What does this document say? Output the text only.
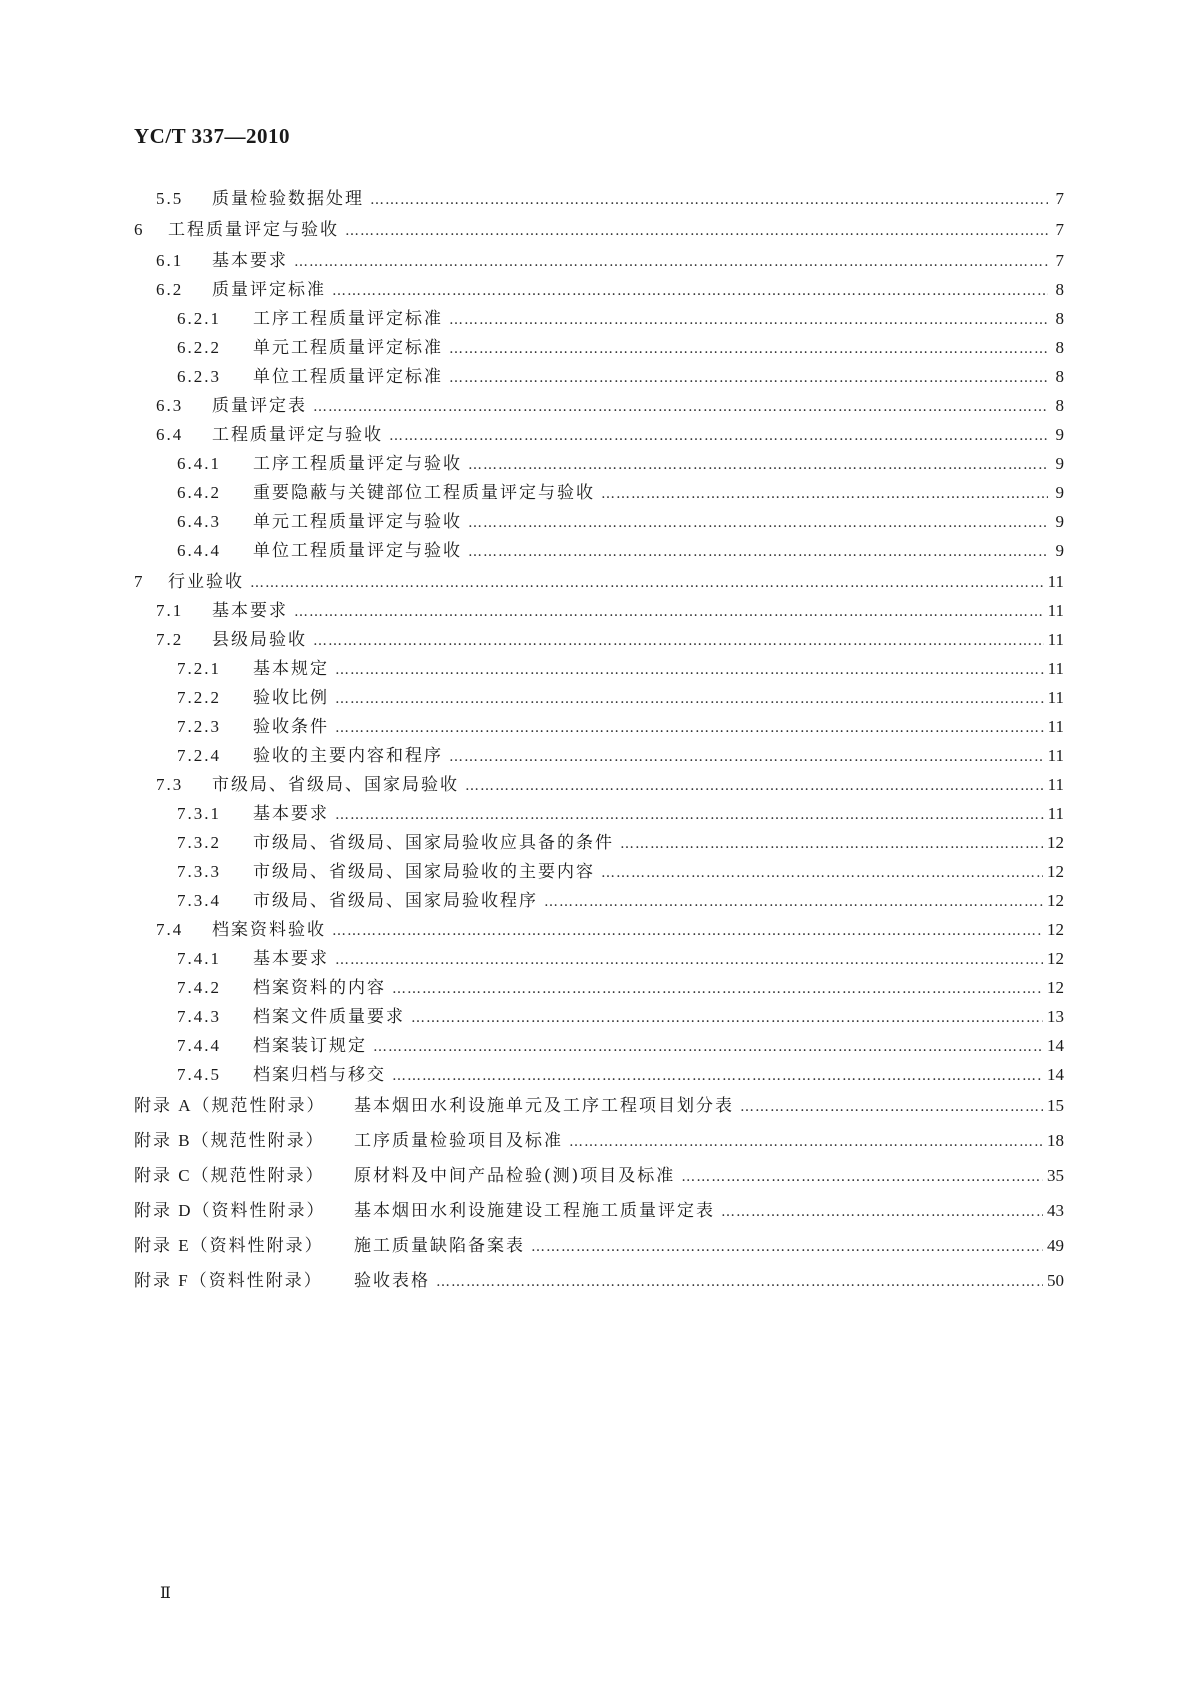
YC/T 337—2010
5.5	质量检验数据处理 …………………………………………………………………………………………………………………………………………………………………………………………………………………………	7
6	工程质量评定与验收 …………………………………………………………………………………………………………………………………………………………………………………………………………………………	7
6.1	基本要求 …………………………………………………………………………………………………………………………………………………………………………………………………………………………	7
6.2	质量评定标准 …………………………………………………………………………………………………………………………………………………………………………………………………………………………	8
6.2.1	工序工程质量评定标准 …………………………………………………………………………………………………………………………………………………………………………………………………………………………	8
6.2.2	单元工程质量评定标准 …………………………………………………………………………………………………………………………………………………………………………………………………………………………	8
6.2.3	单位工程质量评定标准 …………………………………………………………………………………………………………………………………………………………………………………………………………………………	8
6.3	质量评定表 …………………………………………………………………………………………………………………………………………………………………………………………………………………………	8
6.4	工程质量评定与验收 …………………………………………………………………………………………………………………………………………………………………………………………………………………………	9
6.4.1	工序工程质量评定与验收 …………………………………………………………………………………………………………………………………………………………………………………………………………………………	9
6.4.2	重要隐蔽与关键部位工程质量评定与验收 …………………………………………………………………………………………………………………………………………………………………………………………………………………………	9
6.4.3	单元工程质量评定与验收 …………………………………………………………………………………………………………………………………………………………………………………………………………………………	9
6.4.4	单位工程质量评定与验收 …………………………………………………………………………………………………………………………………………………………………………………………………………………………	9
7	行业验收 …………………………………………………………………………………………………………………………………………………………………………………………………………………………	11
7.1	基本要求 …………………………………………………………………………………………………………………………………………………………………………………………………………………………	11
7.2	县级局验收 …………………………………………………………………………………………………………………………………………………………………………………………………………………………	11
7.2.1	基本规定 …………………………………………………………………………………………………………………………………………………………………………………………………………………………	11
7.2.2	验收比例 …………………………………………………………………………………………………………………………………………………………………………………………………………………………	11
7.2.3	验收条件 …………………………………………………………………………………………………………………………………………………………………………………………………………………………	11
7.2.4	验收的主要内容和程序 …………………………………………………………………………………………………………………………………………………………………………………………………………………………	11
7.3	市级局、省级局、国家局验收 …………………………………………………………………………………………………………………………………………………………………………………………………………………………	11
7.3.1	基本要求 …………………………………………………………………………………………………………………………………………………………………………………………………………………………	11
7.3.2	市级局、省级局、国家局验收应具备的条件 …………………………………………………………………………………………………………………………………………………………………………………………………………………………	12
7.3.3	市级局、省级局、国家局验收的主要内容 …………………………………………………………………………………………………………………………………………………………………………………………………………………………	12
7.3.4	市级局、省级局、国家局验收程序 …………………………………………………………………………………………………………………………………………………………………………………………………………………………	12
7.4	档案资料验收 …………………………………………………………………………………………………………………………………………………………………………………………………………………………	12
7.4.1	基本要求 …………………………………………………………………………………………………………………………………………………………………………………………………………………………	12
7.4.2	档案资料的内容 …………………………………………………………………………………………………………………………………………………………………………………………………………………………	12
7.4.3	档案文件质量要求 …………………………………………………………………………………………………………………………………………………………………………………………………………………………	13
7.4.4	档案装订规定 …………………………………………………………………………………………………………………………………………………………………………………………………………………………	14
7.4.5	档案归档与移交 …………………………………………………………………………………………………………………………………………………………………………………………………………………………	14
附录 A（规范性附录）	基本烟田水利设施单元及工序工程项目划分表 …………………………………………………………………………………………………………………………………………………………………………………………………………………………	15
附录 B（规范性附录）	工序质量检验项目及标准 …………………………………………………………………………………………………………………………………………………………………………………………………………………………	18
附录 C（规范性附录）	原材料及中间产品检验(测)项目及标准 …………………………………………………………………………………………………………………………………………………………………………………………………………………………	35
附录 D（资料性附录）	基本烟田水利设施建设工程施工质量评定表 …………………………………………………………………………………………………………………………………………………………………………………………………………………………	43
附录 E（资料性附录）	施工质量缺陷备案表 …………………………………………………………………………………………………………………………………………………………………………………………………………………………	49
附录 F（资料性附录）	验收表格 …………………………………………………………………………………………………………………………………………………………………………………………………………………………	50
Ⅱ
